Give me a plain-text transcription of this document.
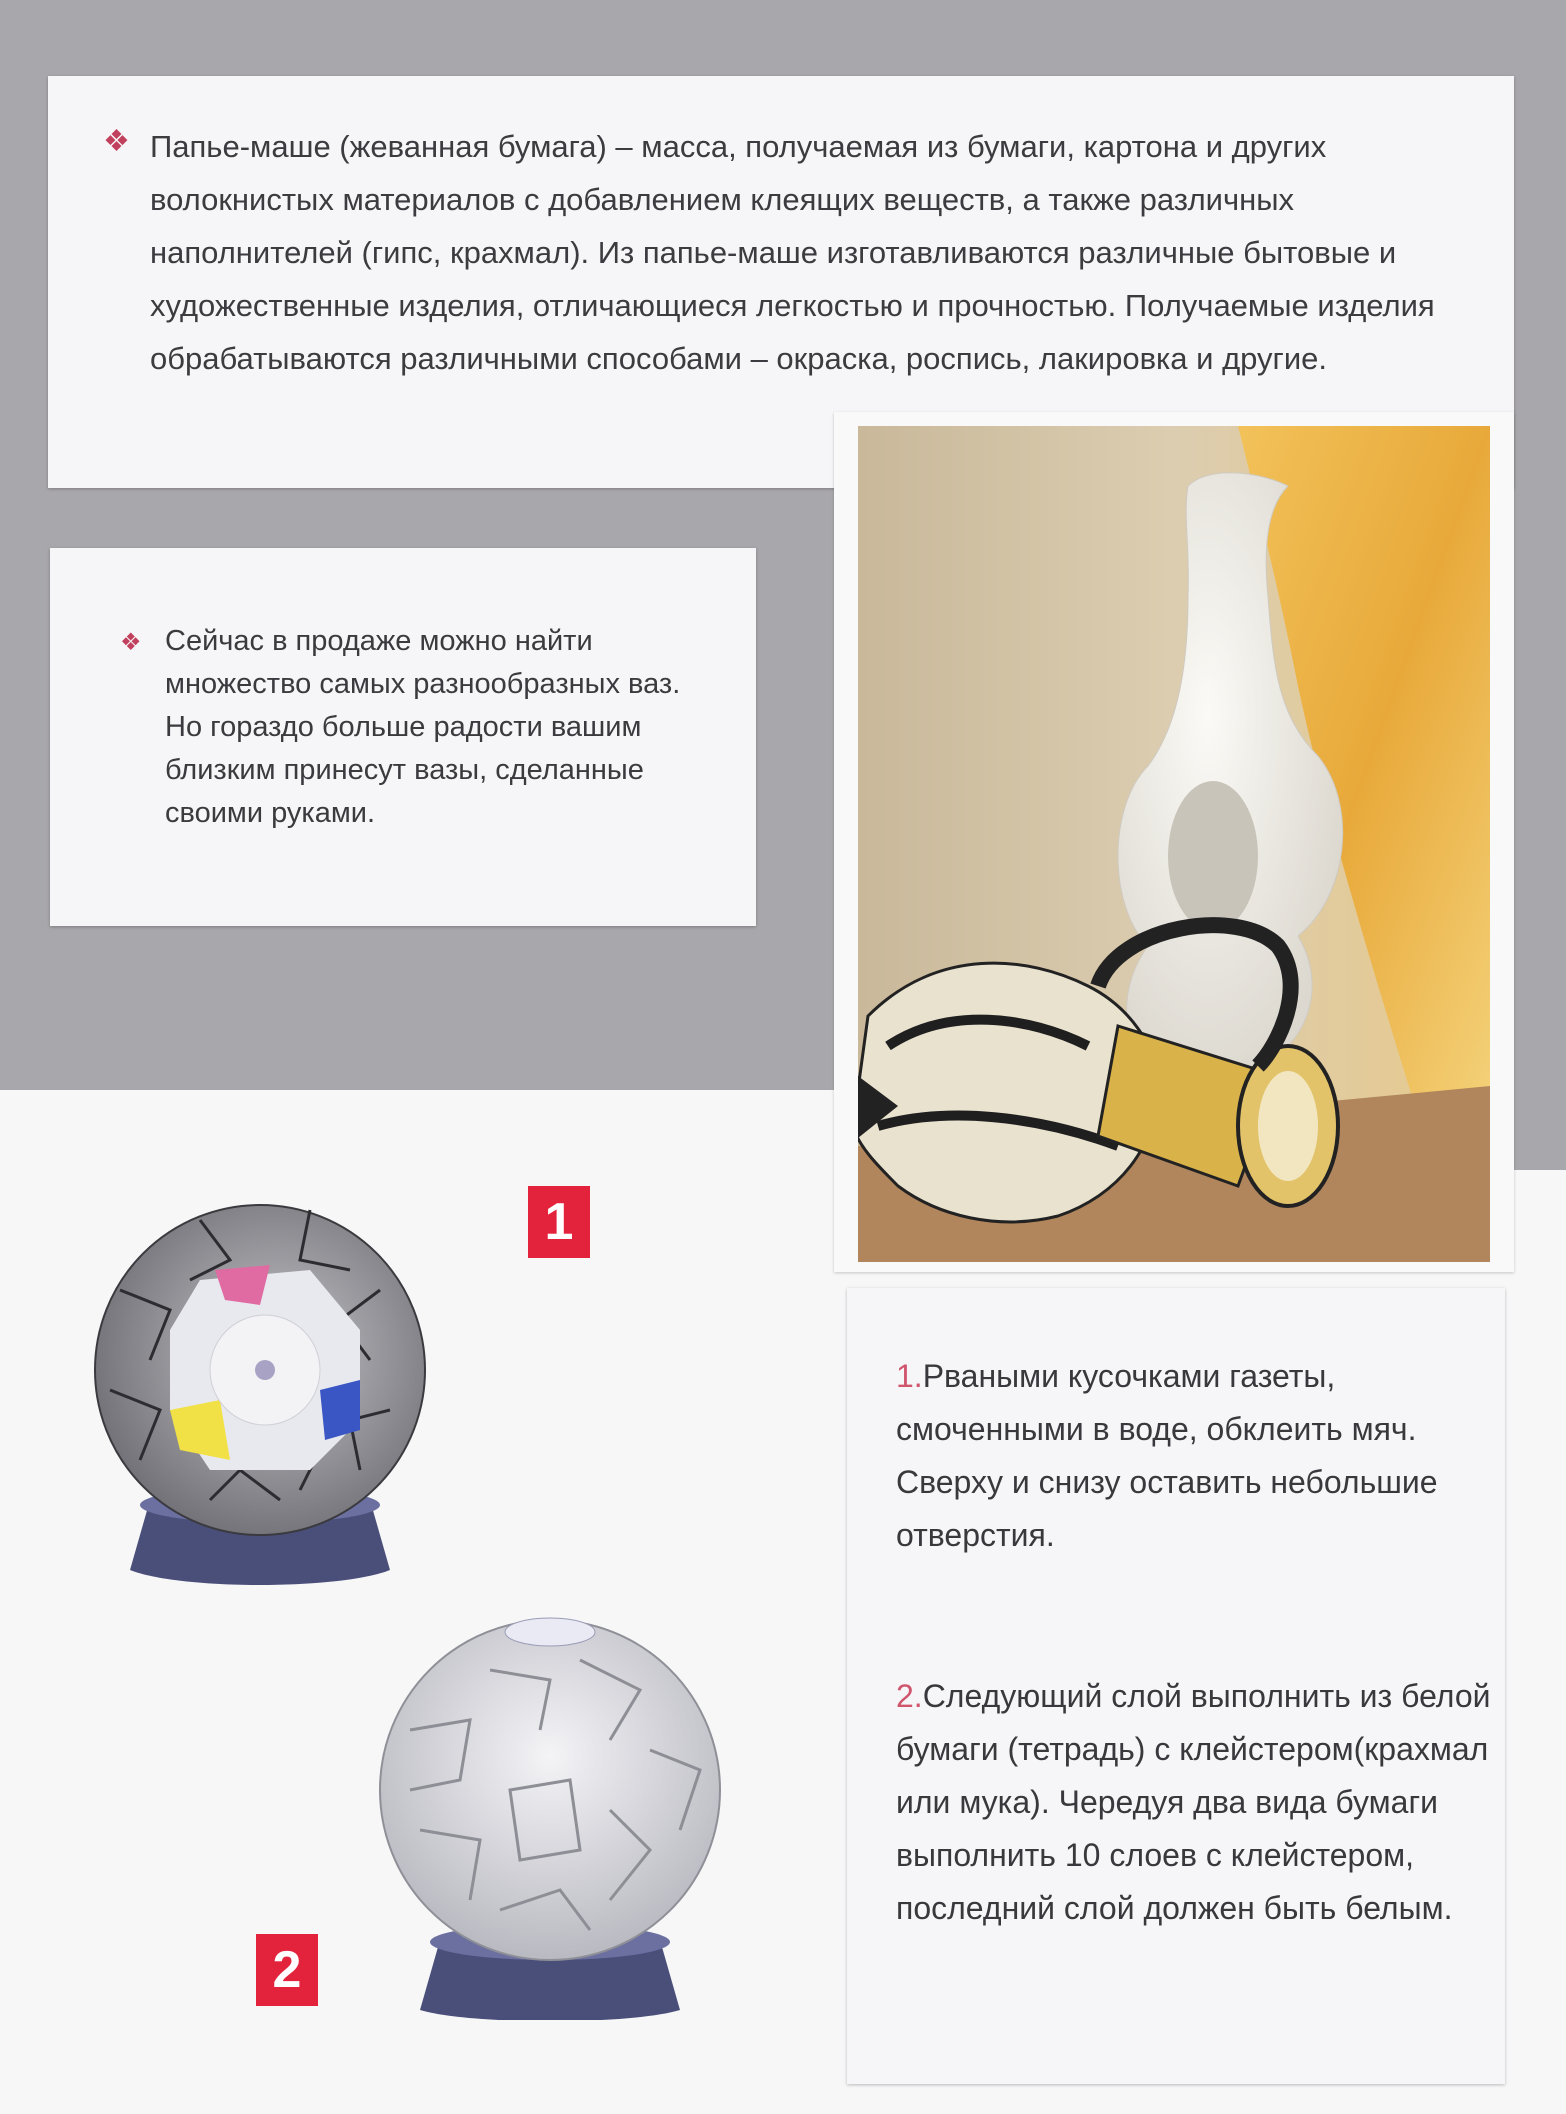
❖ Папье-маше (жеванная бумага) – масса, получаемая из бумаги, картона и других волокнистых материалов с добавлением клеящих веществ, а также различных наполнителей (гипс, крахмал). Из папье-маше изготавливаются различные бытовые и художественные изделия, отличающиеся легкостью и прочностью. Получаемые изделия обрабатываются различными способами – окраска, роспись, лакировка и другие.
❖ Сейчас в продаже можно найти множество самых разнообразных ваз. Но гораздо больше радости вашим близким принесут вазы, сделанные своими руками.
1
2
1.Рваными кусочками газеты, смоченными в воде, обклеить мяч. Сверху и снизу оставить небольшие отверстия.
2.Следующий слой выполнить из белой бумаги (тетрадь) с клейстером(крахмал или мука). Чередуя два вида бумаги выполнить 10 слоев с клейстером, последний слой должен быть белым.
